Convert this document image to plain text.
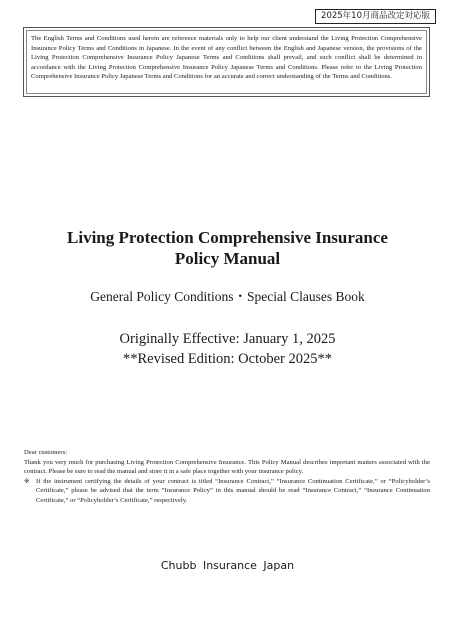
2025年10月商品改定対応版
The English Terms and Conditions used herein are reference materials only to help our client understand the Living Protection Comprehensive Insurance Policy Terms and Conditions in Japanese. In the event of any conflict between the English and Japanese version, the provisions of the Living Protection Comprehensive Insurance Policy Japanese Terms and Conditions shall prevail, and such conflict shall be determined in accordance with the Living Protection Comprehensive Insurance Policy Japanese Terms and Conditions. Please refer to the Living Protection Comprehensive Insurance Policy Japanese Terms and Conditions for an accurate and correct understanding of the Terms and Conditions.
Living Protection Comprehensive Insurance
Policy Manual
General Policy Conditions・Special Clauses Book
Originally Effective: January 1, 2025
**Revised Edition: October 2025**

Dear customers:

Thank you very much for purchasing Living Protection Comprehensive Insurance. This Policy Manual describes important matters associated with the contract. Please be sure to read the manual and store it in a safe place together with your insurance policy.

※ If the instrument certifying the details of your contract is titled “Insurance Contract,” “Insurance Continuation Certificate,” or “Policyholder’s Certificate,” please be advised that the term “Insurance Policy” in this manual should be read “Insurance Contract,” “Insurance Continuation Certificate,” or “Policyholder’s Certificate,” respectively.
Chubb Insurance Japan
